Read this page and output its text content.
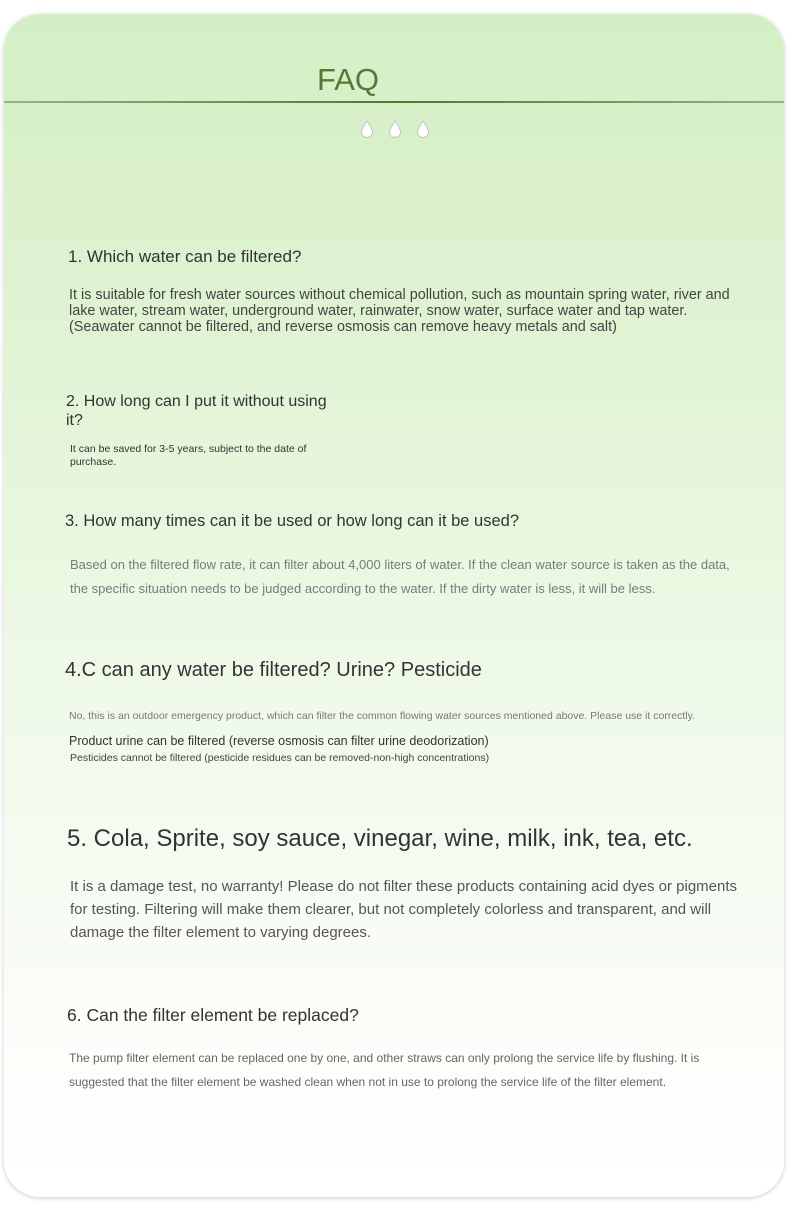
FAQ
1. Which water can be filtered?

It is suitable for fresh water sources without chemical pollution, such as mountain spring water, river and lake water, stream water, underground water, rainwater, snow water, surface water and tap water. (Seawater cannot be filtered, and reverse osmosis can remove heavy metals and salt)

2. How long can I put it without using it?

It can be saved for 3-5 years, subject to the date of purchase.

3. How many times can it be used or how long can it be used?

Based on the filtered flow rate, it can filter about 4,000 liters of water. If the clean water source is taken as the data, the specific situation needs to be judged according to the water. If the dirty water is less, it will be less.

4.C can any water be filtered? Urine? Pesticide

No, this is an outdoor emergency product, which can filter the common flowing water sources mentioned above. Please use it correctly.

Product urine can be filtered (reverse osmosis can filter urine deodorization)

Pesticides cannot be filtered (pesticide residues can be removed-non-high concentrations)

5. Cola, Sprite, soy sauce, vinegar, wine, milk, ink, tea, etc.

It is a damage test, no warranty! Please do not filter these products containing acid dyes or pigments for testing. Filtering will make them clearer, but not completely colorless and transparent, and will damage the filter element to varying degrees.

6. Can the filter element be replaced?

The pump filter element can be replaced one by one, and other straws can only prolong the service life by flushing. It is suggested that the filter element be washed clean when not in use to prolong the service life of the filter element.
